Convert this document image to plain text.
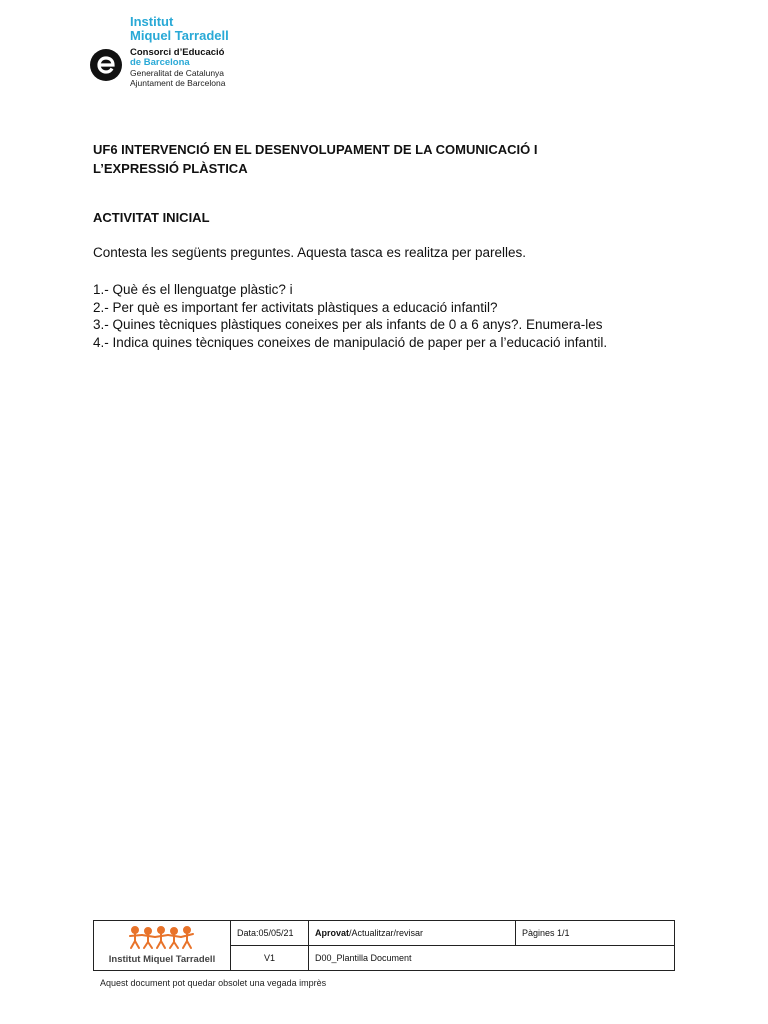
Institut
Miquel Tarradell
Consorci d’Educació
de Barcelona
Generalitat de Catalunya
Ajuntament de Barcelona
UF6 INTERVENCIÓ EN EL DESENVOLUPAMENT DE LA COMUNICACIÓ I
L’EXPRESSIÓ PLÀSTICA
ACTIVITAT INICIAL

Contesta les següents preguntes. Aquesta tasca es realitza per parelles.

1.- Què és el llenguatge plàstic? i
2.- Per què es important fer activitats plàstiques a educació infantil?
3.- Quines tècniques plàstiques coneixes per als infants de 0 a 6 anys?. Enumera-les
4.- Indica quines tècniques coneixes de manipulació de paper per a l’educació infantil.
Institut Miquel Tarradell	Data:05/05/21	Aprovat/Actualitzar/revisar	Pàgines 1/1
	V1	D00_Plantilla Document	

Aquest document pot quedar obsolet una vegada imprès
